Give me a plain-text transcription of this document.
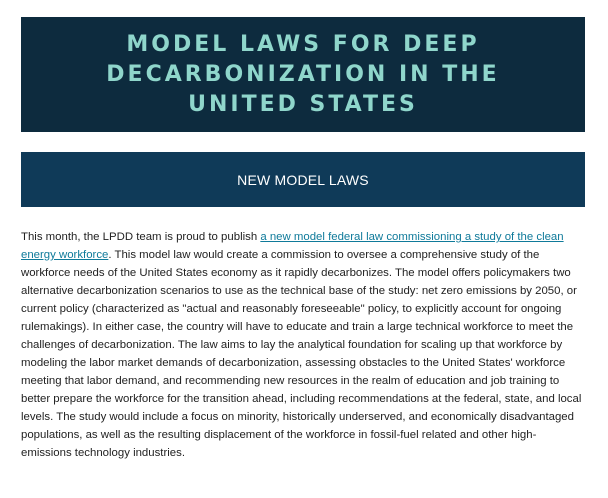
MODEL LAWS FOR DEEP DECARBONIZATION IN THE UNITED STATES
NEW MODEL LAWS

This month, the LPDD team is proud to publish a new model federal law commissioning a study of the clean energy workforce. This model law would create a commission to oversee a comprehensive study of the workforce needs of the United States economy as it rapidly decarbonizes. The model offers policymakers two alternative decarbonization scenarios to use as the technical base of the study: net zero emissions by 2050, or current policy (characterized as "actual and reasonably foreseeable" policy, to explicitly account for ongoing rulemakings). In either case, the country will have to educate and train a large technical workforce to meet the challenges of decarbonization. The law aims to lay the analytical foundation for scaling up that workforce by modeling the labor market demands of decarbonization, assessing obstacles to the United States' workforce meeting that labor demand, and recommending new resources in the realm of education and job training to better prepare the workforce for the transition ahead, including recommendations at the federal, state, and local levels. The study would include a focus on minority, historically underserved, and economically disadvantaged populations, as well as the resulting displacement of the workforce in fossil-fuel related and other high-emissions technology industries.
